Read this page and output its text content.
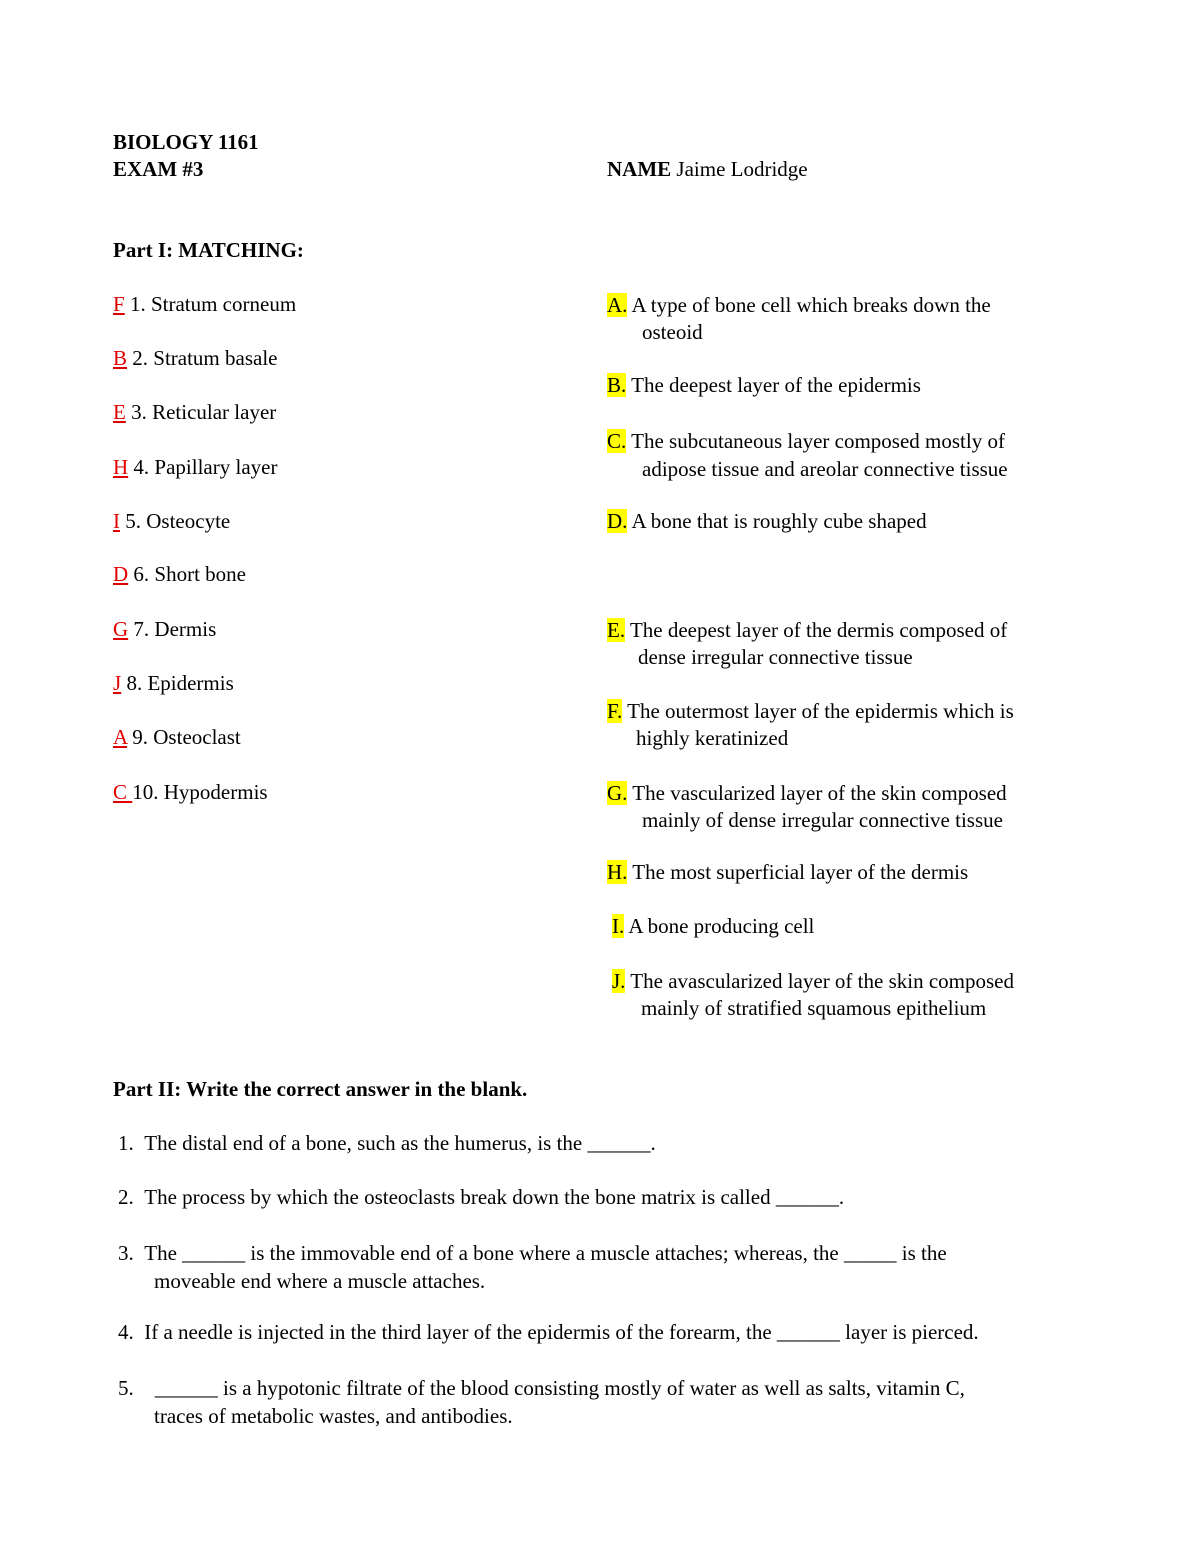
BIOLOGY 1161
EXAM #3	NAME Jaime Lodridge
Part I: MATCHING:
F 1. Stratum corneum
B 2. Stratum basale
E 3. Reticular layer
H 4. Papillary layer
I 5. Osteocyte
D 6. Short bone
G 7. Dermis
J 8. Epidermis
A 9. Osteoclast
C 10. Hypodermis
A. A type of bone cell which breaks down the
osteoid
B. The deepest layer of the epidermis
C. The subcutaneous layer composed mostly of
adipose tissue and areolar connective tissue
D. A bone that is roughly cube shaped
E. The deepest layer of the dermis composed of
dense irregular connective tissue
F. The outermost layer of the epidermis which is
highly keratinized
G. The vascularized layer of the skin composed
mainly of dense irregular connective tissue
H. The most superficial layer of the dermis
I. A bone producing cell
J. The avascularized layer of the skin composed
mainly of stratified squamous epithelium
Part II: Write the correct answer in the blank.
1. The distal end of a bone, such as the humerus, is the ______.
2. The process by which the osteoclasts break down the bone matrix is called ______.
3. The ______ is the immovable end of a bone where a muscle attaches; whereas, the _____ is the
moveable end where a muscle attaches.
4. If a needle is injected in the third layer of the epidermis of the forearm, the ______ layer is pierced.
5. ______ is a hypotonic filtrate of the blood consisting mostly of water as well as salts, vitamin C,
traces of metabolic wastes, and antibodies.
